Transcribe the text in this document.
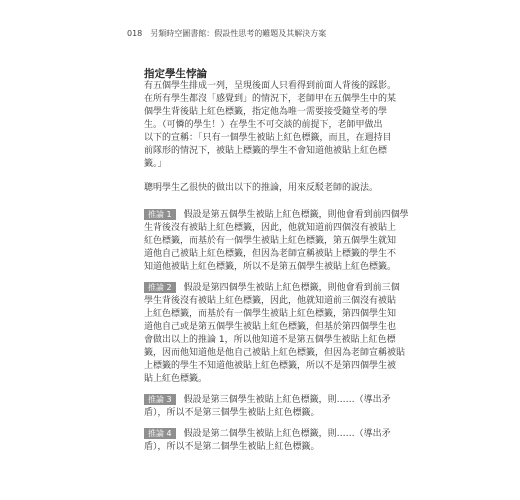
018 另類時空圖書館：假設性思考的難題及其解決方案
指定學生悖論
有五個學生排成一列，呈現後面人只看得到前面人背後的踩影。
在所有學生都沒「感覺到」的情況下，老師甲在五個學生中的某
個學生背後貼上紅色標籤，指定他為唯一需要接受隨堂考的學
生。（可憐的學生！）在學生不可交談的前提下，老師甲做出
以下的宣稱：「只有一個學生被貼上紅色標籤，而且，在週持目
前隊形的情況下，被貼上標籤的學生不會知道他被貼上紅色標
籤。」
聰明學生乙很快的做出以下的推論，用來反駁老師的說法。
推論 1 假設是第五個學生被貼上紅色標籤，則他會看到前四個學
生背後沒有被貼上紅色標籤，因此，他就知道前四個沒有被貼上
紅色標籤，而基於有一個學生被貼上紅色標籤，第五個學生就知
道他自己被貼上紅色標籤，但因為老師宣稱被貼上標籤的學生不
知道他被貼上紅色標籤，所以不是第五個學生被貼上紅色標籤。
推論 2 假設是第四個學生被貼上紅色標籤，則他會看到前三個
學生背後沒有被貼上紅色標籤，因此，他就知道前三個沒有被貼
上紅色標籤，而基於有一個學生被貼上紅色標籤，第四個學生知
道他自己或是第五個學生被貼上紅色標籤，但基於第四個學生也
會做出以上的推論 1，所以他知道不是第五個學生被貼上紅色標
籤，因而他知道他是他自己被貼上紅色標籤，但因為老師宣稱被貼
上標籤的學生不知道他被貼上紅色標籤，所以不是第四個學生被
貼上紅色標籤。
推論 3 假設是第三個學生被貼上紅色標籤，則……（導出矛
盾），所以不是第三個學生被貼上紅色標籤。
推論 4 假設是第二個學生被貼上紅色標籤，則……（導出矛
盾），所以不是第二個學生被貼上紅色標籤。
